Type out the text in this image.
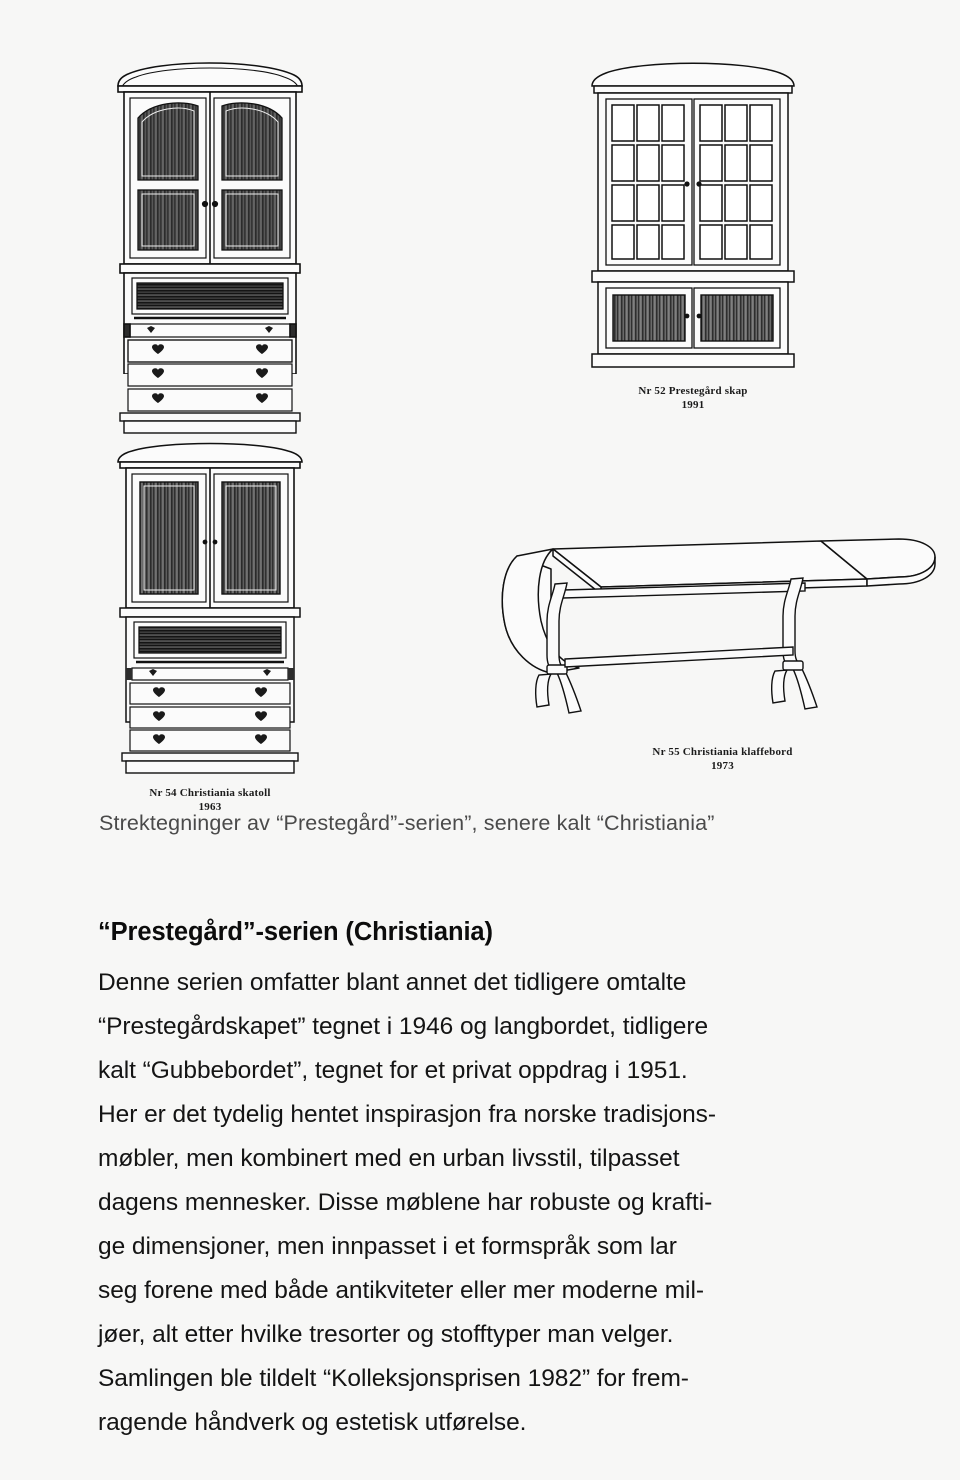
Nr 52 Prestegård skap
1991
Nr 54 Christiania skatoll
1963
Nr 55 Christiania klaffebord
1973
Strektegninger av “Prestegård”-serien”, senere kalt “Christiania”
“Prestegård”-serien (Christiania)

Denne serien omfatter blant annet det tidligere omtalte
“Prestegårdskapet” tegnet i 1946 og langbordet, tidligere
kalt “Gubbebordet”, tegnet for et privat oppdrag i 1951.
Her er det tydelig hentet inspirasjon fra norske tradisjons-
møbler, men kombinert med en urban livsstil, tilpasset
dagens mennesker. Disse møblene har robuste og krafti-
ge dimensjoner, men innpasset i et formspråk som lar
seg forene med både antikviteter eller mer moderne mil-
jøer, alt etter hvilke tresorter og stofftyper man velger.
Samlingen ble tildelt “Kolleksjonsprisen 1982” for frem-
ragende håndverk og estetisk utførelse.
